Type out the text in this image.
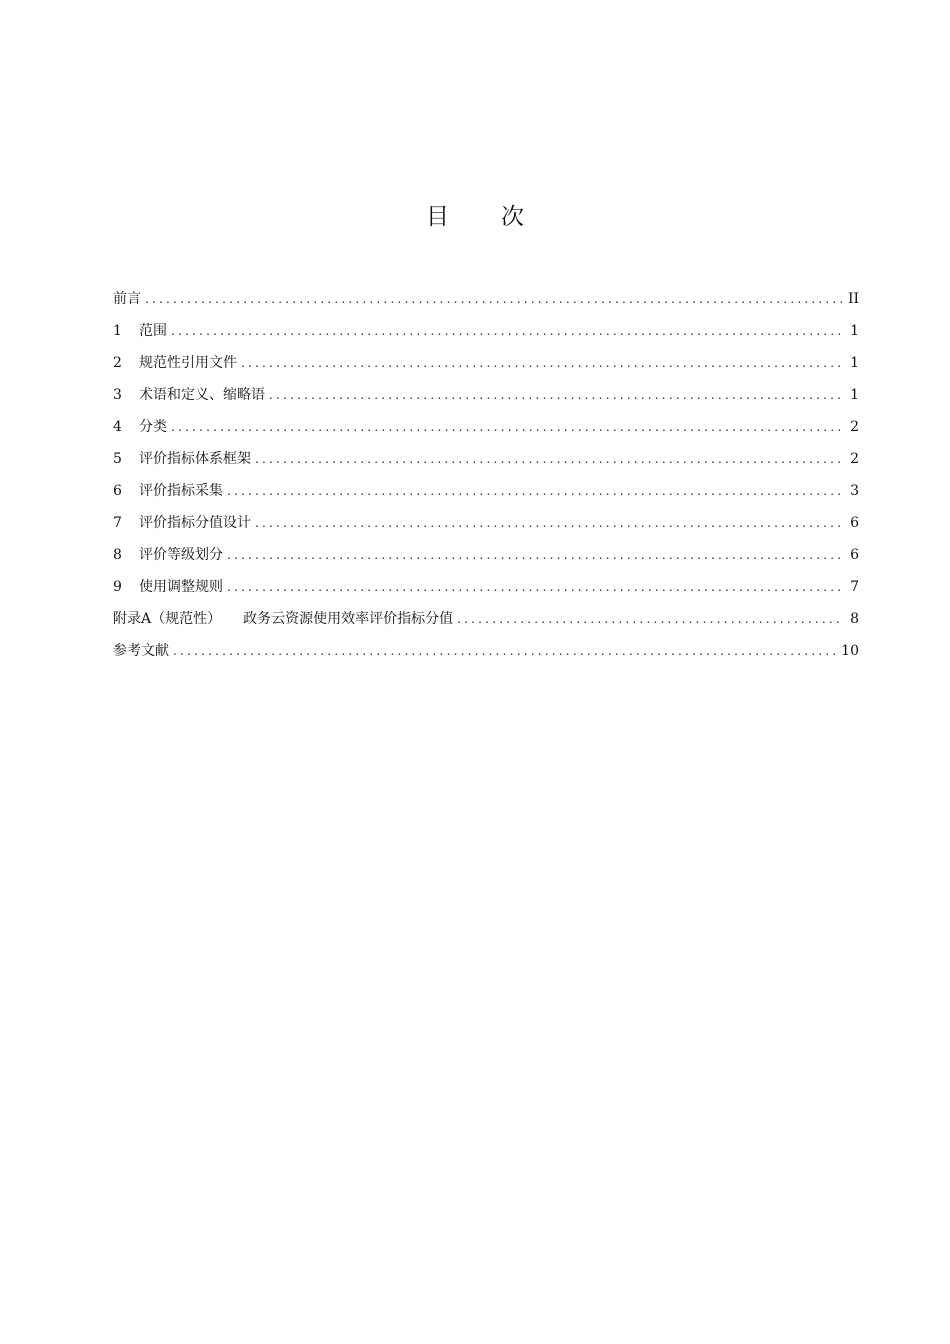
目 次
前言 .....	II
1	范围 .....	1
2	规范性引用文件 .....	1
3	术语和定义、缩略语 .....	1
4	分类 .....	2
5	评价指标体系框架 .....	2
6	评价指标采集 .....	3
7	评价指标分值设计 .....	6
8	评价等级划分 .....	6
9	使用调整规则 .....	7
附录A（规范性） 政务云资源使用效率评价指标分值 .....	8
参考文献 .....	10
